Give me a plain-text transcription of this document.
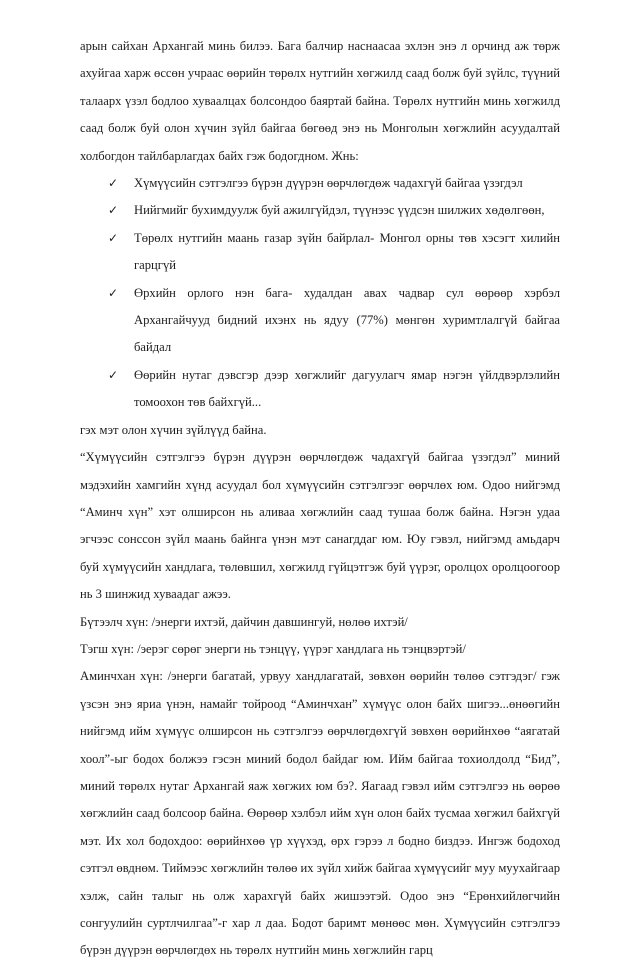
арын сайхан Архангай минь билээ. Бага балчир наснаасаа эхлэн энэ л орчинд аж төрж ахуйгаа харж өссөн учраас өөрийн төрөлх нутгийн хөгжилд саад болж буй зүйлс, түүний талаарх үзэл бодлоо хуваалцах болсондоо баяртай байна. Төрөлх нутгийн минь хөгжилд саад болж буй олон хүчин зүйл байгаа бөгөөд энэ нь Монголын хөгжлийн асуудалтай холбогдон тайлбарлагдах байх гэж бодогдном. Жнь:

✓ Хүмүүсийн сэтгэлгээ бүрэн дүүрэн өөрчлөгдөж чадахгүй байгаа үзэгдэл
✓ Нийгмийг бухимдуулж буй ажилгүйдэл, түүнээс үүдсэн шилжих хөдөлгөөн,
✓ Төрөлх нутгийн маань газар зүйн байрлал- Монгол орны төв хэсэгт хилийн гарцгүй
✓ Өрхийн орлого нэн бага- худалдан авах чадвар сул өөрөөр хэрбэл Архангайчууд бидний ихэнх нь ядуу (77%) мөнгөн хуримтлалгүй байгаа байдал
✓ Өөрийн нутаг дэвсгэр дээр хөгжлийг дагуулагч ямар нэгэн үйлдвэрлэлийн томоохон төв байхгүй...

гэх мэт олон хүчин зүйлүүд байна.

“Хүмүүсийн сэтгэлгээ бүрэн дүүрэн өөрчлөгдөж чадахгүй байгаа үзэгдэл” миний мэдэхийн хамгийн хүнд асуудал бол хүмүүсийн сэтгэлгээг өөрчлөх юм. Одоо нийгэмд “Аминч хүн” хэт олширсон нь аливаа хөгжлийн саад тушаа болж байна. Нэгэн удаа эгчээс сонссон зүйл маань байнга үнэн мэт санагддаг юм. Юу гэвэл, нийгэмд амьдарч буй хүмүүсийн хандлага, төлөвшил, хөгжилд гүйцэтгэж буй үүрэг, оролцох оролцоогоор нь 3 шинжид хуваадаг ажээ.

Бүтээлч хүн: /энерги ихтэй, дайчин давшингуй, нөлөө ихтэй/

Тэгш хүн: /эерэг сөрөг энерги нь тэнцүү, үүрэг хандлага нь тэнцвэртэй/

Аминчхан хүн: /энерги багатай, урвуу хандлагатай, зөвхөн өөрийн төлөө сэтгэдэг/ гэж үзсэн энэ яриа үнэн, намайг тойроод “Аминчхан” хүмүүс олон байх шигээ...өнөөгийн нийгэмд ийм хүмүүс олширсон нь сэтгэлгээ өөрчлөгдөхгүй зөвхөн өөрийнхөө “аягатай хоол”-ыг бодох болжээ гэсэн миний бодол байдаг юм. Ийм байгаа тохиолдолд “Бид”, миний төрөлх нутаг Архангай яаж хөгжих юм бэ?. Яагаад гэвэл ийм сэтгэлгээ нь өөрөө хөгжлийн саад болсоор байна. Өөрөөр хэлбэл ийм хүн олон байх тусмаа хөгжил байхгүй мэт. Их хол бодохдоо: өөрийнхөө үр хүүхэд, өрх гэрээ л бодно биздээ. Ингэж бодоход сэтгэл өвднөм. Тиймээс хөгжлийн төлөө их зүйл хийж байгаа хүмүүсийг муу муухайгаар хэлж, сайн талыг нь олж харахгүй байх жишээтэй. Одоо энэ “Ерөнхийлөгчийн сонгуулийн суртлчилгаа”-г хар л даа. Бодот баримт мөнөөс мөн. Хүмүүсийн сэтгэлгээ бүрэн дүүрэн өөрчлөгдөх нь төрөлх нутгийн минь хөгжлийн гарц
